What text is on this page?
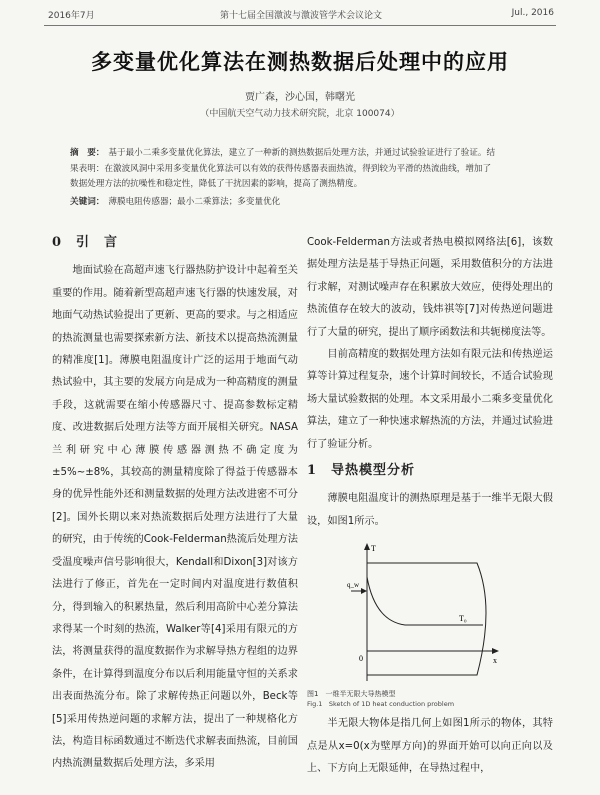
2016年7月	第十七届全国激波与激波管学术会议论文	Jul., 2016
多变量优化算法在测热数据后处理中的应用
贾广森，沙心国，韩曙光
（中国航天空气动力技术研究院，北京 100074）

摘　要： 基于最小二乘多变量优化算法，建立了一种新的测热数据后处理方法，并通过试验验证进行了验证。结

果表明：在激波风洞中采用多变量优化算法可以有效的获得传感器表面热流，得到较为平滑的热流曲线，增加了

数据处理方法的抗噪性和稳定性，降低了干扰因素的影响，提高了测热精度。

关键词： 薄膜电阻传感器；最小二乘算法；多变量优化

0 引　言

地面试验在高超声速飞行器热防护设计中起着至关重要的作用。随着新型高超声速飞行器的快速发展，对地面气动热试验提出了更新、更高的要求。与之相适应的热流测量也需要探索新方法、新技术以提高热流测量的精准度[1]。薄膜电阻温度计广泛的运用于地面气动热试验中，其主要的发展方向是成为一种高精度的测量手段，这就需要在缩小传感器尺寸、提高参数标定精度、改进数据后处理方法等方面开展相关研究。NASA兰利研究中心薄膜传感器测热不确定度为±5%~±8%，其较高的测量精度除了得益于传感器本身的优异性能外还和测量数据的处理方法改进密不可分[2]。国外长期以来对热流数据后处理方法进行了大量的研究，由于传统的Cook-Felderman热流后处理方法受温度噪声信号影响很大，Kendall和Dixon[3]对该方法进行了修正，首先在一定时间内对温度进行数值积分，得到输入的积累热量，然后利用高阶中心差分算法求得某一个时刻的热流，Walker等[4]采用有限元的方法，将测量获得的温度数据作为求解导热方程组的边界条件，在计算得到温度分布以后利用能量守恒的关系求出表面热流分布。除了求解传热正问题以外，Beck等[5]采用传热逆问题的求解方法，提出了一种规格化方法，构造目标函数通过不断迭代求解表面热流，目前国内热流测量数据后处理方法，多采用

Cook-Felderman方法或者热电模拟网络法[6]，该数据处理方法是基于导热正问题，采用数值积分的方法进行求解，对测试噪声存在积累放大效应，使得处理出的热流值存在较大的波动，钱炜祺等[7]对传热逆问题进行了大量的研究，提出了顺序函数法和共轭梯度法等。

目前高精度的数据处理方法如有限元法和传热逆运算等计算过程复杂，速个计算时间较长，不适合试验现场大量试验数据的处理。本文采用最小二乘多变量优化算法，建立了一种快速求解热流的方法，并通过试验进行了验证分析。

1 导热模型分析

薄膜电阻温度计的测热原理是基于一维半无限大假设，如图1所示。

T
q_w
T₀
x
0

图1　一维半无限大导热模型

Fig.1　Sketch of 1D heat conduction problem

半无限大物体是指几何上如图1所示的物体，其特点是从x=0(x为壁厚方向)的界面开始可以向正向以及上、下方向上无限延伸，在导热过程中，
